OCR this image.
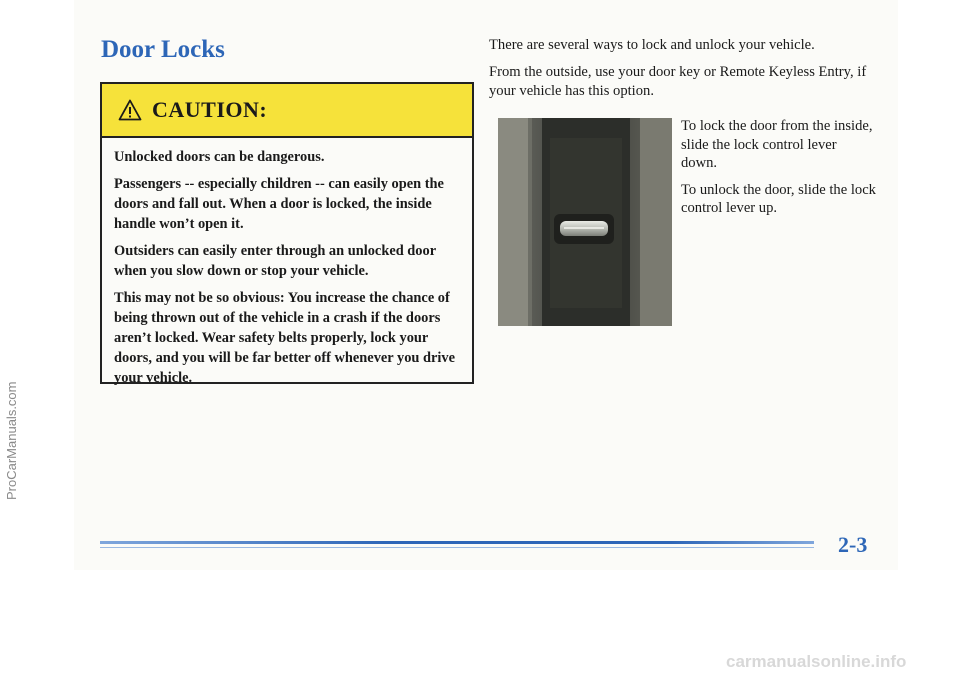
Door Locks
CAUTION:

Unlocked doors can be dangerous.

Passengers -- especially children -- can easily open the doors and fall out. When a door is locked, the inside handle won’t open it.

Outsiders can easily enter through an unlocked door when you slow down or stop your vehicle.

This may not be so obvious: You increase the chance of being thrown out of the vehicle in a crash if the doors aren’t locked. Wear safety belts properly, lock your doors, and you will be far better off whenever you drive your vehicle.

There are several ways to lock and unlock your vehicle.

From the outside, use your door key or Remote Keyless Entry, if your vehicle has this option.

To lock the door from the inside, slide the lock control lever down.

To unlock the door, slide the lock control lever up.

2-3
ProCarManuals.com
carmanualsonline.info
